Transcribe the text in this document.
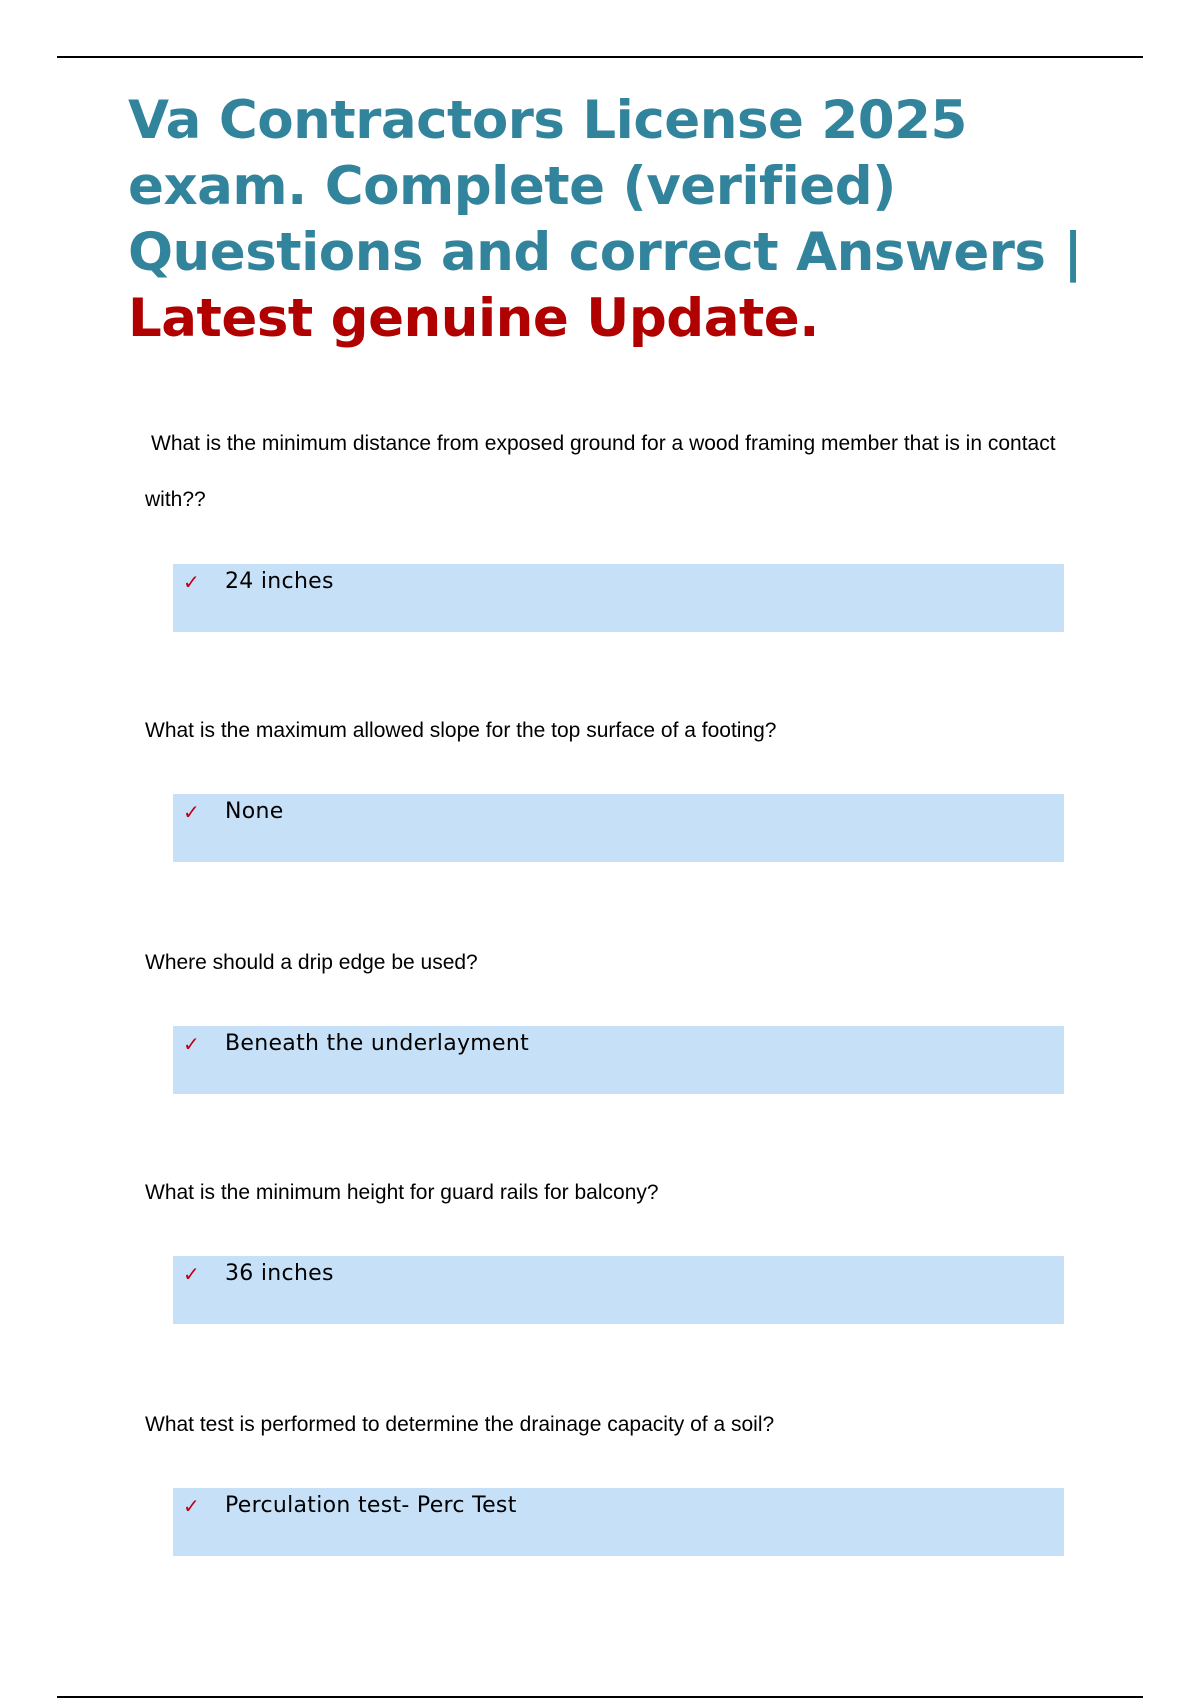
Va Contractors License 2025 exam. Complete (verified) Questions and correct Answers | Latest genuine Update.

What is the minimum distance from exposed ground for a wood framing member that is in contact with??

✓ 24 inches

What is the maximum allowed slope for the top surface of a footing?

✓ None

Where should a drip edge be used?

✓ Beneath the underlayment

What is the minimum height for guard rails for balcony?

✓ 36 inches

What test is performed to determine the drainage capacity of a soil?

✓ Perculation test- Perc Test
